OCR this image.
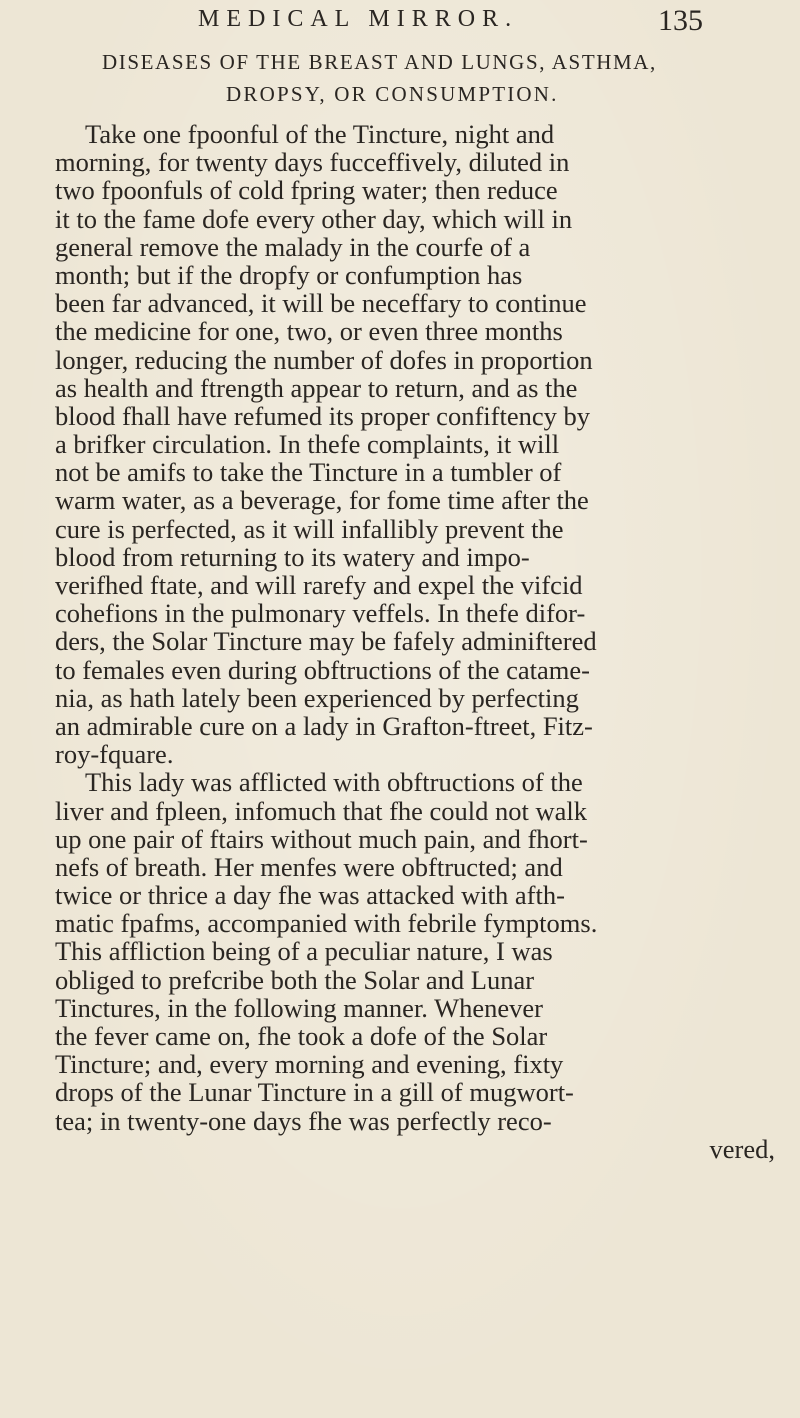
MEDICAL MIRROR.	135
DISEASES OF THE BREAST AND LUNGS, ASTHMA,
DROPSY, OR CONSUMPTION.
Take one fpoonful of the Tincture, night and
morning, for twenty days fucceffively, diluted in
two fpoonfuls of cold fpring water; then reduce
it to the fame dofe every other day, which will in
general remove the malady in the courfe of a
month; but if the dropfy or confumption has
been far advanced, it will be neceffary to continue
the medicine for one, two, or even three months
longer, reducing the number of dofes in proportion
as health and ftrength appear to return, and as the
blood fhall have refumed its proper confiftency by
a brifker circulation. In thefe complaints, it will
not be amifs to take the Tincture in a tumbler of
warm water, as a beverage, for fome time after the
cure is perfected, as it will infallibly prevent the
blood from returning to its watery and impo-
verifhed ftate, and will rarefy and expel the vifcid
cohefions in the pulmonary veffels. In thefe difor-
ders, the Solar Tincture may be fafely adminiftered
to females even during obftructions of the catame-
nia, as hath lately been experienced by perfecting
an admirable cure on a lady in Grafton-ftreet, Fitz-
roy-fquare.
This lady was afflicted with obftructions of the
liver and fpleen, infomuch that fhe could not walk
up one pair of ftairs without much pain, and fhort-
nefs of breath. Her menfes were obftructed; and
twice or thrice a day fhe was attacked with afth-
matic fpafms, accompanied with febrile fymptoms.
This affliction being of a peculiar nature, I was
obliged to prefcribe both the Solar and Lunar
Tinctures, in the following manner. Whenever
the fever came on, fhe took a dofe of the Solar
Tincture; and, every morning and evening, fixty
drops of the Lunar Tincture in a gill of mugwort-
tea; in twenty-one days fhe was perfectly reco-
vered,
